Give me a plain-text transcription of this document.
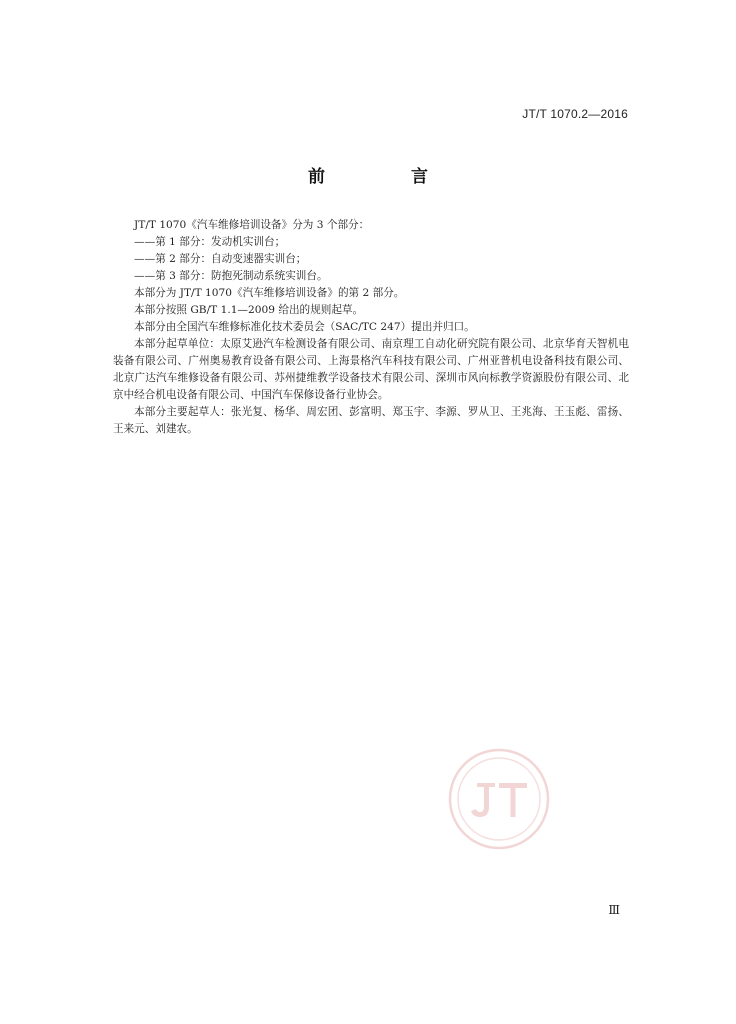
JT/T 1070.2—2016
前 言

JT/T 1070《汽车维修培训设备》分为 3 个部分：

——第 1 部分：发动机实训台；

——第 2 部分：自动变速器实训台；

——第 3 部分：防抱死制动系统实训台。

本部分为 JT/T 1070《汽车维修培训设备》的第 2 部分。

本部分按照 GB/T 1.1—2009 给出的规则起草。

本部分由全国汽车维修标准化技术委员会（SAC/TC 247）提出并归口。

本部分起草单位：太原艾逊汽车检测设备有限公司、南京理工自动化研究院有限公司、北京华育天智机电装备有限公司、广州奥易教育设备有限公司、上海景格汽车科技有限公司、广州亚普机电设备科技有限公司、北京广达汽车维修设备有限公司、苏州捷维教学设备技术有限公司、深圳市风向标教学资源股份有限公司、北京中经合机电设备有限公司、中国汽车保修设备行业协会。

本部分主要起草人：张光复、杨华、周宏团、彭富明、郑玉宇、李源、罗从卫、王兆海、王玉彪、雷扬、王来元、刘建农。

Ⅲ
